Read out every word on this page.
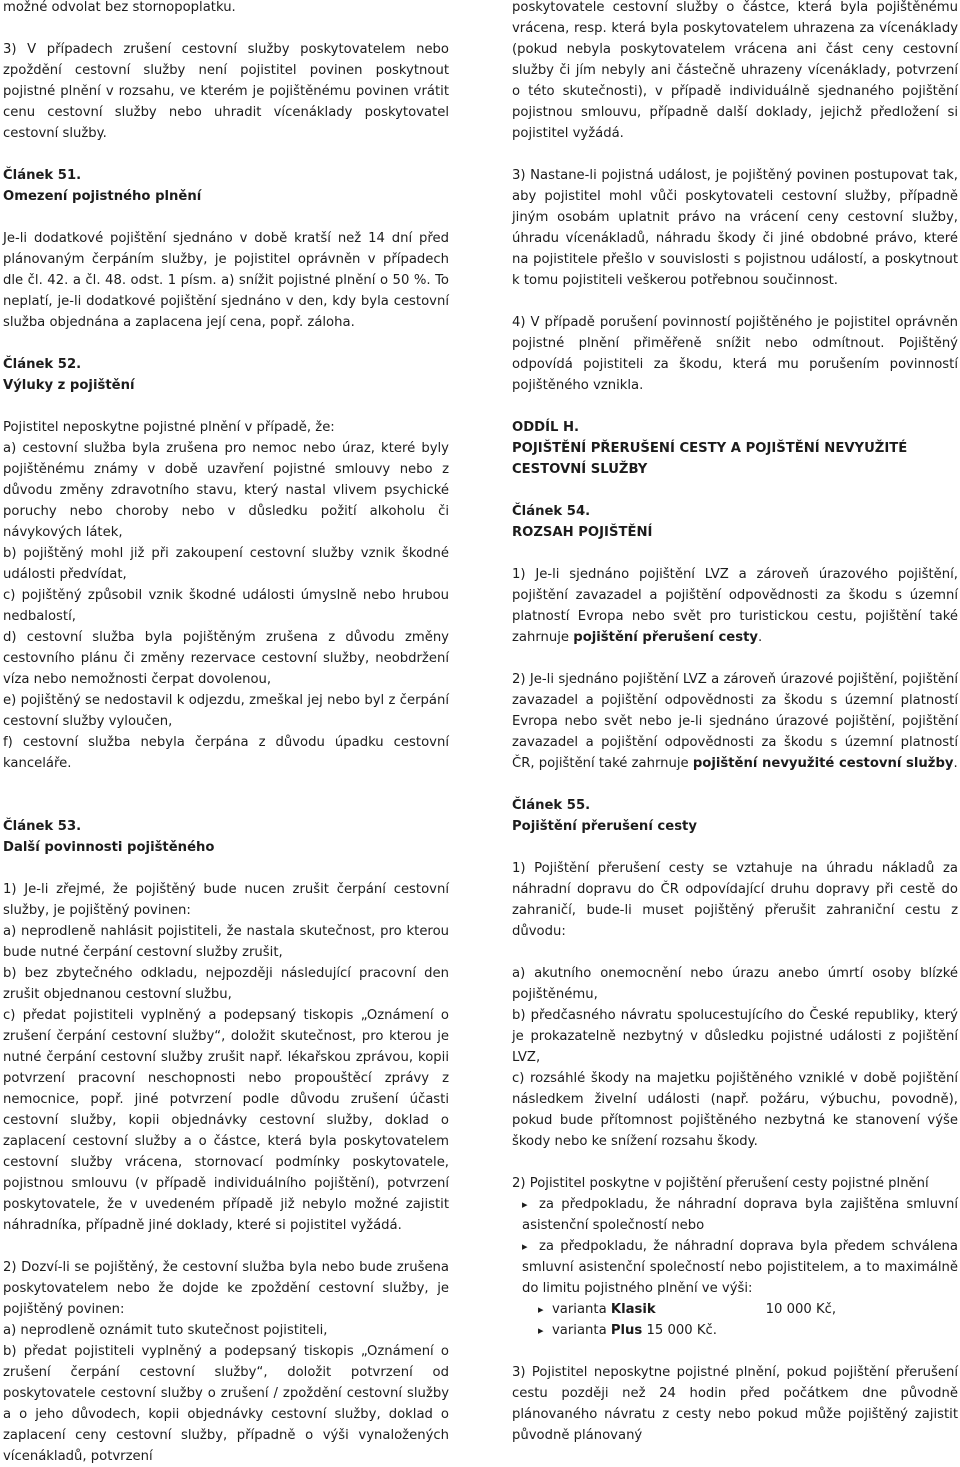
možné odvolat bez stornopoplatku.

3) V případech zrušení cestovní služby poskytovatelem nebo zpoždění cestovní služby není pojistitel povinen poskytnout pojistné plnění v rozsahu, ve kterém je pojištěnému povinen vrátit cenu cestovní služby nebo uhradit vícenáklady poskytovatel cestovní služby.

Článek 51.

Omezení pojistného plnění

Je-li dodatkové pojištění sjednáno v době kratší než 14 dní před plánovaným čerpáním služby, je pojistitel oprávněn v případech dle čl. 42. a čl. 48. odst. 1 písm. a) snížit pojistné plnění o 50 %. To neplatí, je-li dodatkové pojištění sjednáno v den, kdy byla cestovní služba objednána a zaplacena její cena, popř. záloha.

Článek 52.

Výluky z pojištění

Pojistitel neposkytne pojistné plnění v případě, že:

a) cestovní služba byla zrušena pro nemoc nebo úraz, které byly pojištěnému známy v době uzavření pojistné smlouvy nebo z důvodu změny zdravotního stavu, který nastal vlivem psychické poruchy nebo choroby nebo v důsledku požití alkoholu či návykových látek,

b) pojištěný mohl již při zakoupení cestovní služby vznik škodné události předvídat,

c) pojištěný způsobil vznik škodné události úmyslně nebo hrubou nedbalostí,

d) cestovní služba byla pojištěným zrušena z důvodu změny cestovního plánu či změny rezervace cestovní služby, neobdržení víza nebo nemožnosti čerpat dovolenou,

e) pojištěný se nedostavil k odjezdu, zmeškal jej nebo byl z čerpání cestovní služby vyloučen,

f) cestovní služba nebyla čerpána z důvodu úpadku cestovní kanceláře.

Článek 53.

Další povinnosti pojištěného

1) Je-li zřejmé, že pojištěný bude nucen zrušit čerpání cestovní služby, je pojištěný povinen:

a) neprodleně nahlásit pojistiteli, že nastala skutečnost, pro kterou bude nutné čerpání cestovní služby zrušit,

b) bez zbytečného odkladu, nejpozději následující pracovní den zrušit objednanou cestovní službu,

c) předat pojistiteli vyplněný a podepsaný tiskopis „Oznámení o zrušení čerpání cestovní služby“, doložit skutečnost, pro kterou je nutné čerpání cestovní služby zrušit např. lékařskou zprávou, kopii potvrzení pracovní neschopnosti nebo propouštěcí zprávy z nemocnice, popř. jiné potvrzení podle důvodu zrušení účasti cestovní služby, kopii objednávky cestovní služby, doklad o zaplacení cestovní služby a o částce, která byla poskytovatelem cestovní služby vrácena, stornovací podmínky poskytovatele, pojistnou smlouvu (v případě individuálního pojištění), potvrzení poskytovatele, že v uvedeném případě již nebylo možné zajistit náhradníka, případně jiné doklady, které si pojistitel vyžádá.

2) Dozví-li se pojištěný, že cestovní služba byla nebo bude zrušena poskytovatelem nebo že dojde ke zpoždění cestovní služby, je pojištěný povinen:

a) neprodleně oznámit tuto skutečnost pojistiteli,

b) předat pojistiteli vyplněný a podepsaný tiskopis „Oznámení o zrušení čerpání cestovní služby“, doložit potvrzení od poskytovatele cestovní služby o zrušení / zpoždění cestovní služby a o jeho důvodech, kopii objednávky cestovní služby, doklad o zaplacení ceny cestovní služby, případně o výši vynaložených vícenákladů, potvrzení

poskytovatele cestovní služby o částce, která byla pojištěnému vrácena, resp. která byla poskytovatelem uhrazena za vícenáklady (pokud nebyla poskytovatelem vrácena ani část ceny cestovní služby či jím nebyly ani částečně uhrazeny vícenáklady, potvrzení o této skutečnosti), v případě individuálně sjednaného pojištění pojistnou smlouvu, případně další doklady, jejichž předložení si pojistitel vyžádá.

3) Nastane-li pojistná událost, je pojištěný povinen postupovat tak, aby pojistitel mohl vůči poskytovateli cestovní služby, případně jiným osobám uplatnit právo na vrácení ceny cestovní služby, úhradu vícenákladů, náhradu škody či jiné obdobné právo, které na pojistitele přešlo v souvislosti s pojistnou událostí, a poskytnout k tomu pojistiteli veškerou potřebnou součinnost.

4) V případě porušení povinností pojištěného je pojistitel oprávněn pojistné plnění přiměřeně snížit nebo odmítnout. Pojištěný odpovídá pojistiteli za škodu, která mu porušením povinností pojištěného vznikla.

ODDÍL H.

POJIŠTĚNÍ PŘERUŠENÍ CESTY A POJIŠTĚNÍ NEVYUŽITÉ CESTOVNÍ SLUŽBY

Článek 54.

ROZSAH POJIŠTĚNÍ

1) Je-li sjednáno pojištění LVZ a zároveň úrazového pojištění, pojištění zavazadel a pojištění odpovědnosti za škodu s územní platností Evropa nebo svět pro turistickou cestu, pojištění také zahrnuje pojištění přerušení cesty.

2) Je-li sjednáno pojištění LVZ a zároveň úrazové pojištění, pojištění zavazadel a pojištění odpovědnosti za škodu s územní platností Evropa nebo svět nebo je-li sjednáno úrazové pojištění, pojištění zavazadel a pojištění odpovědnosti za škodu s územní platností ČR, pojištění také zahrnuje pojištění nevyužité cestovní služby.

Článek 55.

Pojištění přerušení cesty

1) Pojištění přerušení cesty se vztahuje na úhradu nákladů za náhradní dopravu do ČR odpovídající druhu dopravy při cestě do zahraničí, bude-li muset pojištěný přerušit zahraniční cestu z důvodu:

a) akutního onemocnění nebo úrazu anebo úmrtí osoby blízké pojištěnému,

b) předčasného návratu spolucestujícího do České republiky, který je prokazatelně nezbytný v důsledku pojistné události z pojištění LVZ,

c) rozsáhlé škody na majetku pojištěného vzniklé v době pojištění následkem živelní události (např. požáru, výbuchu, povodně), pokud bude přítomnost pojištěného nezbytná ke stanovení výše škody nebo ke snížení rozsahu škody.

2) Pojistitel poskytne v pojištění přerušení cesty pojistné plnění

▸ za předpokladu, že náhradní doprava byla zajištěna smluvní asistenční společností nebo

▸ za předpokladu, že náhradní doprava byla předem schválena smluvní asistenční společností nebo pojistitelem, a to maximálně do limitu pojistného plnění ve výši:

▸ varianta Klasik	10 000 Kč,

▸ varianta Plus 15 000 Kč.

3) Pojistitel neposkytne pojistné plnění, pokud pojištění přerušení cestu později než 24 hodin před počátkem dne původně plánovaného návratu z cesty nebo pokud může pojištěný zajistit původně plánovaný
